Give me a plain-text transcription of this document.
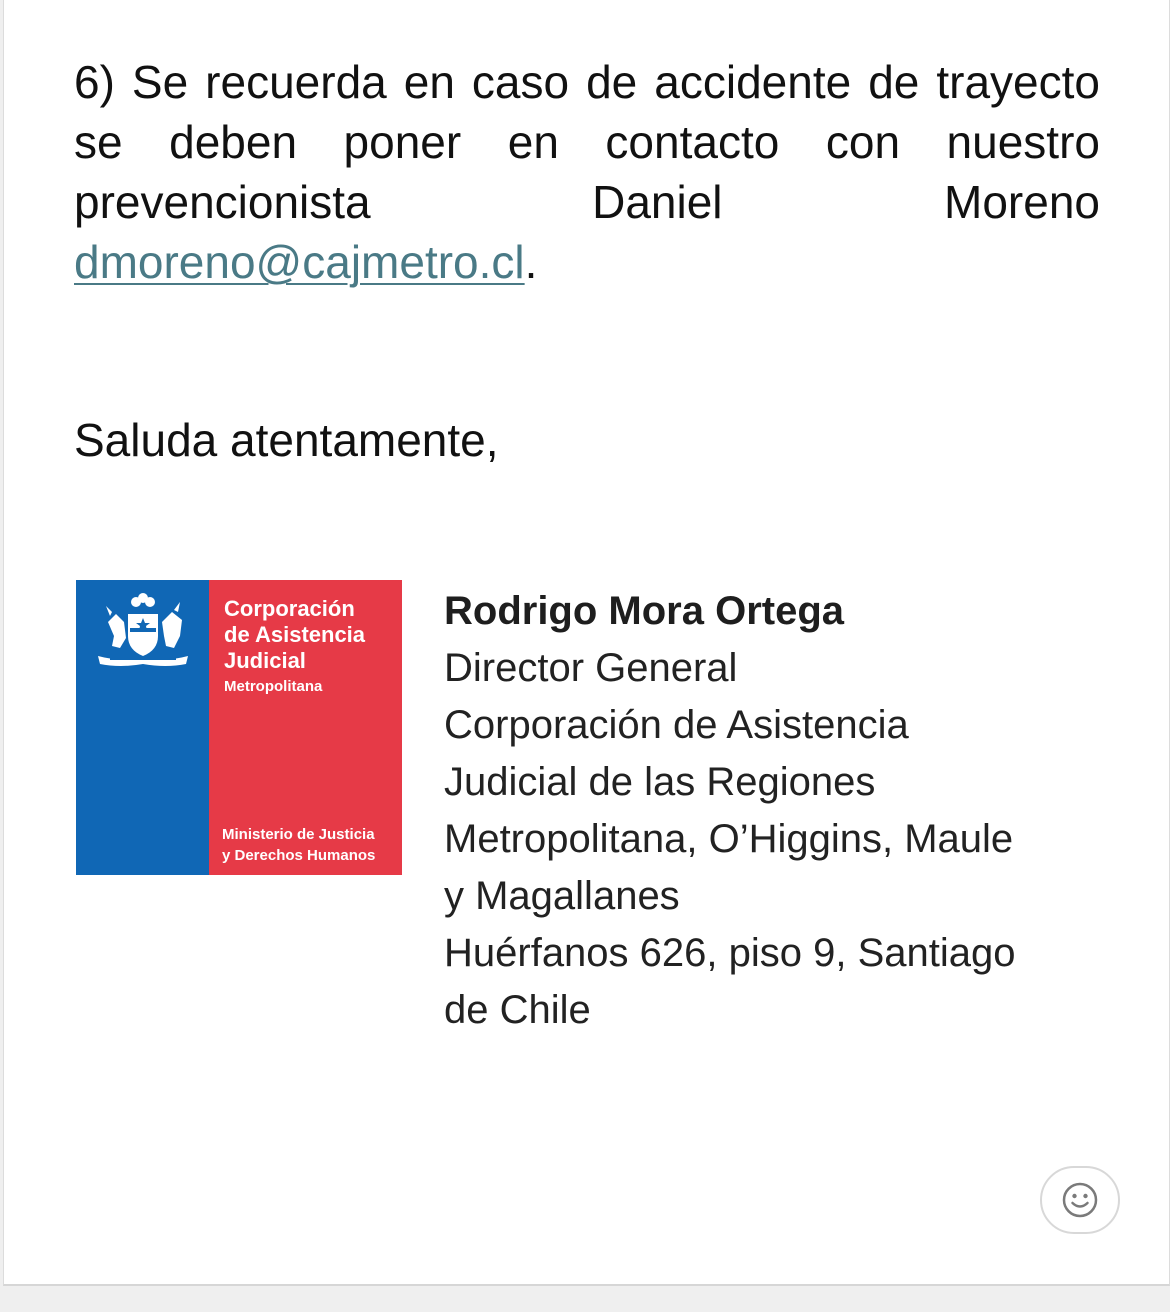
6) Se recuerda en caso de accidente de trayecto se deben poner en contacto con nuestro prevencionista Daniel Moreno dmoreno@cajmetro.cl.

Saluda atentamente,

Corporación
de Asistencia
Judicial

Metropolitana

Ministerio de Justicia
y Derechos Humanos

Rodrigo Mora Ortega
Director General
Corporación de Asistencia
Judicial de las Regiones
Metropolitana, O’Higgins, Maule
y Magallanes
Huérfanos 626, piso 9, Santiago
de Chile
